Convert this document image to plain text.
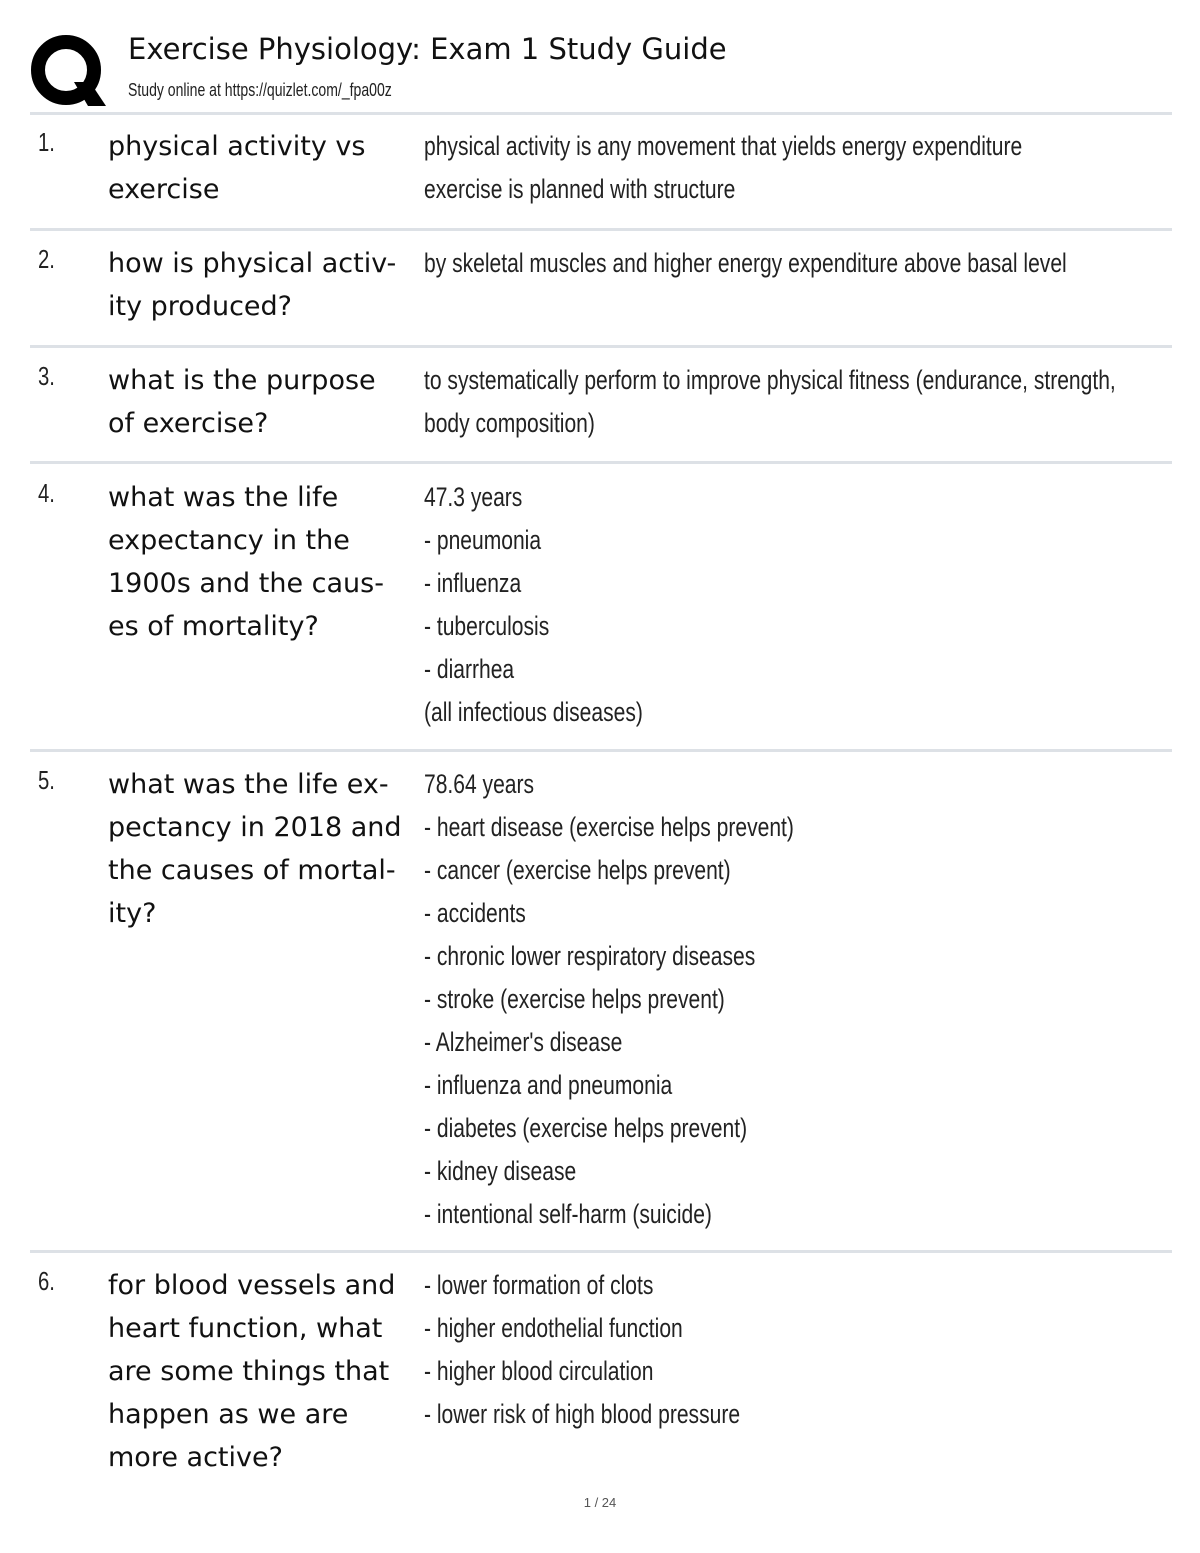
Exercise Physiology: Exam 1 Study Guide
Study online at https://quizlet.com/_fpa00z
1. physical activity vs
exercise
physical activity is any movement that yields energy expenditure
exercise is planned with structure
2. how is physical activ-
ity produced?
by skeletal muscles and higher energy expenditure above basal level
3. what is the purpose
of exercise?
to systematically perform to improve physical fitness (endurance, strength,
body composition)
4. what was the life
expectancy in the
1900s and the caus-
es of mortality?
47.3 years
- pneumonia
- influenza
- tuberculosis
- diarrhea
(all infectious diseases)
5. what was the life ex-
pectancy in 2018 and
the causes of mortal-
ity?
78.64 years
- heart disease (exercise helps prevent)
- cancer (exercise helps prevent)
- accidents
- chronic lower respiratory diseases
- stroke (exercise helps prevent)
- Alzheimer's disease
- influenza and pneumonia
- diabetes (exercise helps prevent)
- kidney disease
- intentional self-harm (suicide)
6. for blood vessels and
heart function, what
are some things that
happen as we are
more active?
- lower formation of clots
- higher endothelial function
- higher blood circulation
- lower risk of high blood pressure
1 / 24
